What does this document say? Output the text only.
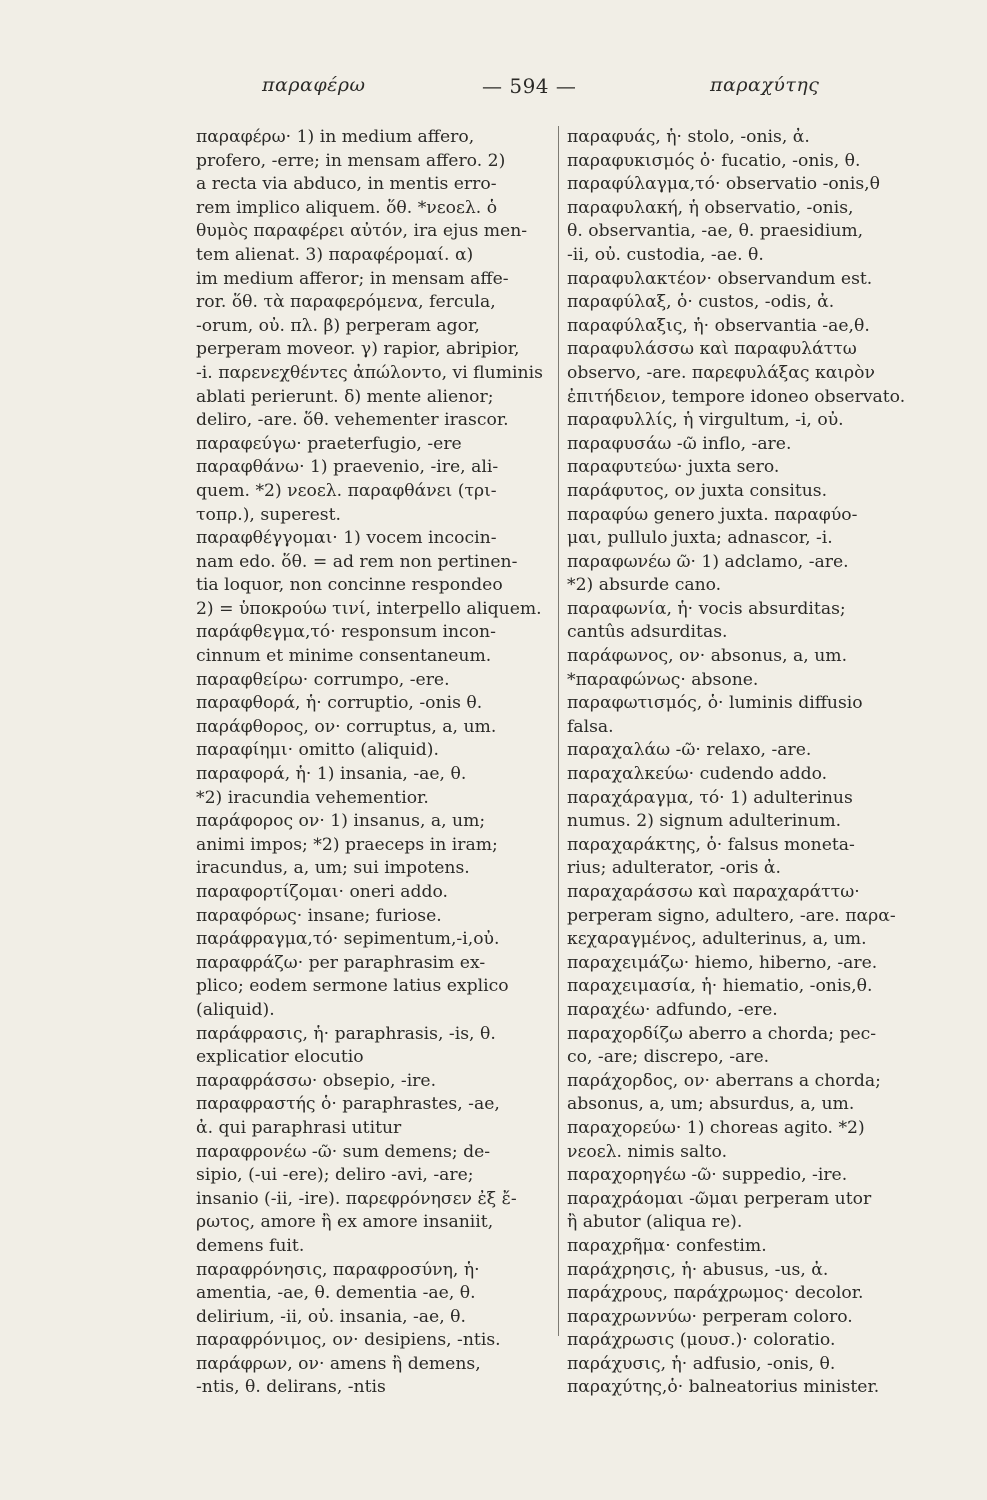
παραφέρω	— 594 —	παραχύτης
παραφέρω· 1) in medium affero,
profero, -erre; in mensam affero. 2)
a recta via abduco, in mentis erro-
rem implico aliquem. ὅθ. *νεοελ. ὁ
θυμὸς παραφέρει αὐτόν, ira ejus men-
tem alienat. 3) παραφέρομαί. α)
im medium afferor; in mensam affe-
ror. ὅθ. τὰ παραφερόμενα, fercula,
-orum, οὐ. πλ. β) perperam agor,
perperam moveor. γ) rapior, abripior,
-i. παρενεχθέντες ἀπώλοντο, vi fluminis
ablati perierunt. δ) mente alienor;
deliro, -are. ὅθ. vehementer irascor.
παραφεύγω· praeterfugio, -ere
παραφθάνω· 1) praevenio, -ire, ali-
quem. *2) νεοελ. παραφθάνει (τρι-
τοπρ.), superest.
παραφθέγγομαι· 1) vocem incocin-
nam edo. ὅθ. = ad rem non pertinen-
tia loquor, non concinne respondeo
2) = ὑποκρούω τινί, interpello aliquem.
παράφθεγμα,τό· responsum incon-
cinnum et minime consentaneum.
παραφθείρω· corrumpo, -ere.
παραφθορά, ἡ· corruptio, -onis θ.
παράφθορος, ον· corruptus, a, um.
παραφίημι· omitto (aliquid).
παραφορά, ἡ· 1) insania, -ae, θ.
*2) iracundia vehementior.
παράφορος ον· 1) insanus, a, um;
animi impos; *2) praeceps in iram;
iracundus, a, um; sui impotens.
παραφορτίζομαι· oneri addo.
παραφόρως· insane; furiose.
παράφραγμα,τό· sepimentum,-i,οὐ.
παραφράζω· per paraphrasim ex-
plico; eodem sermone latius explico
(aliquid).
παράφρασις, ἡ· paraphrasis, -is, θ.
explicatior elocutio
παραφράσσω· obsepio, -ire.
παραφραστής ὁ· paraphrastes, -ae,
ἀ. qui paraphrasi utitur
παραφρονέω -ῶ· sum demens; de-
sipio, (-ui -ere); deliro -avi, -are;
insanio (-ii, -ire). παρεφρόνησεν ἐξ ἔ-
ρωτος, amore ἢ ex amore insaniit,
demens fuit.
παραφρόνησις, παραφροσύνη, ἡ·
amentia, -ae, θ. dementia -ae, θ.
delirium, -ii, οὐ. insania, -ae, θ.
παραφρόνιμος, ον· desipiens, -ntis.
παράφρων, ον· amens ἢ demens,
-ntis, θ. delirans, -ntis
παραφυάς, ἡ· stolo, -onis, ἀ.
παραφυκισμός ὁ· fucatio, -onis, θ.
παραφύλαγμα,τό· observatio -onis,θ
παραφυλακή, ἡ observatio, -onis,
θ. observantia, -ae, θ. praesidium,
-ii, οὐ. custodia, -ae. θ.
παραφυλακτέον· observandum est.
παραφύλαξ, ὁ· custos, -odis, ἀ.
παραφύλαξις, ἡ· observantia -ae,θ.
παραφυλάσσω καὶ παραφυλάττω
observo, -are. παρεφυλάξας καιρὸν
ἐπιτήδειον, tempore idoneo observato.
παραφυλλίς, ἡ virgultum, -i, οὐ.
παραφυσάω -ῶ inflo, -are.
παραφυτεύω· juxta sero.
παράφυτος, ον juxta consitus.
παραφύω genero juxta. παραφύο-
μαι, pullulo juxta; adnascor, -i.
παραφωνέω ῶ· 1) adclamo, -are.
*2) absurde cano.
παραφωνία, ἡ· vocis absurditas;
cantûs adsurditas.
παράφωνος, ον· absonus, a, um.
*παραφώνως· absone.
παραφωτισμός, ὁ· luminis diffusio
falsa.
παραχαλάω -ῶ· relaxo, -are.
παραχαλκεύω· cudendo addo.
παραχάραγμα, τό· 1) adulterinus
numus. 2) signum adulterinum.
παραχαράκτης, ὁ· falsus moneta-
rius; adulterator, -oris ἀ.
παραχαράσσω καὶ παραχαράττω·
perperam signo, adultero, -are. παρα-
κεχαραγμένος, adulterinus, a, um.
παραχειμάζω· hiemo, hiberno, -are.
παραχειμασία, ἡ· hiematio, -onis,θ.
παραχέω· adfundo, -ere.
παραχορδίζω aberro a chorda; pec-
co, -are; discrepo, -are.
παράχορδος, ον· aberrans a chorda;
absonus, a, um; absurdus, a, um.
παραχορεύω· 1) choreas agito. *2)
νεοελ. nimis salto.
παραχορηγέω -ῶ· suppedio, -ire.
παραχράομαι -ῶμαι perperam utor
ἢ abutor (aliqua re).
παραχρῆμα· confestim.
παράχρησις, ἡ· abusus, -us, ἀ.
παράχρους, παράχρωμος· decolor.
παραχρωννύω· perperam coloro.
παράχρωσις (μουσ.)· coloratio.
παράχυσις, ἡ· adfusio, -onis, θ.
παραχύτης,ὁ· balneatorius minister.
